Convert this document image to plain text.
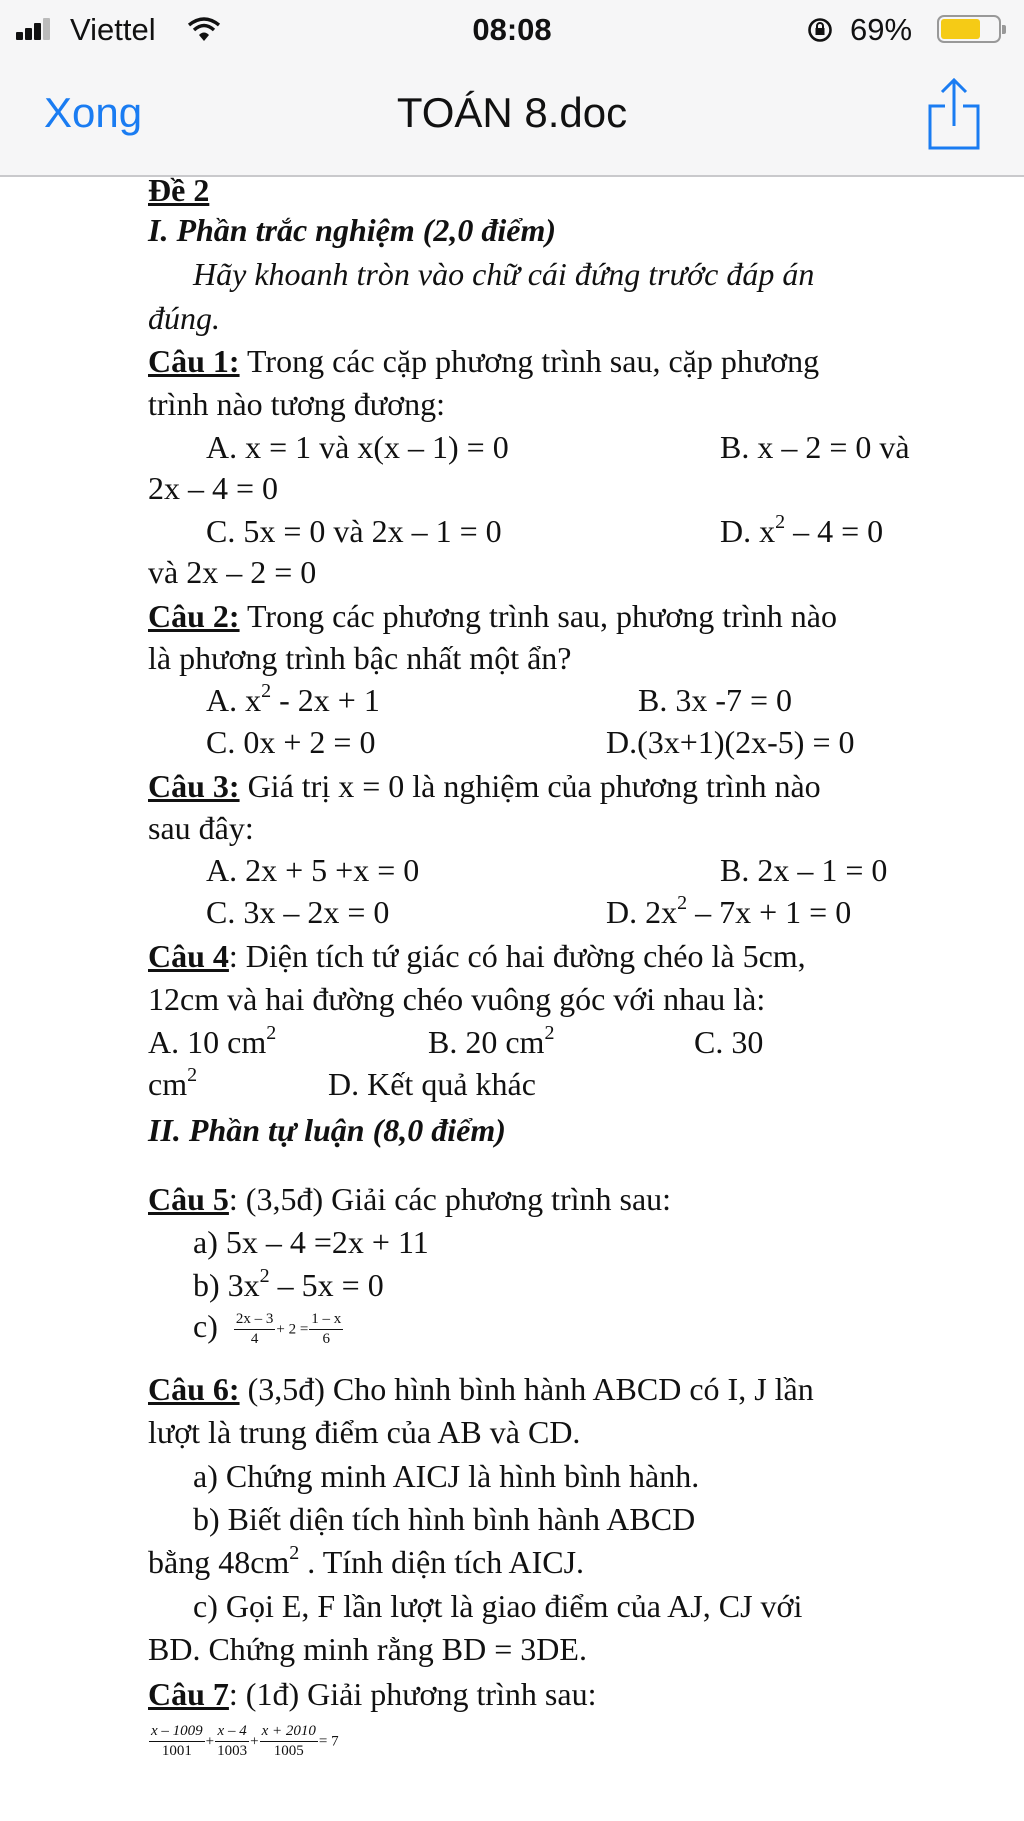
Viettel	08:08	69%
Xong	TOÁN 8.doc
Đề 2
I. Phần trắc nghiệm (2,0 điểm)
Hãy khoanh tròn vào chữ cái đứng trước đáp án
đúng.
Câu 1: Trong các cặp phương trình sau, cặp phương
trình nào tương đương:
A. x = 1 và x(x – 1) = 0	B. x – 2 = 0 và
2x – 4 = 0
C. 5x = 0 và 2x – 1 = 0	D. $x^2 - 4 = 0$
và 2x – 2 = 0
Câu 2: Trong các phương trình sau, phương trình nào
là phương trình bậc nhất một ẩn?
A. $x^2 - 2x + 1$	B. 3x -7 = 0
C. 0x + 2 = 0	D.(3x+1)(2x-5) = 0
Câu 3: Giá trị x = 0 là nghiệm của phương trình nào
sau đây:
A. 2x + 5 +x = 0	B. 2x – 1 = 0
C. 3x – 2x = 0	D. $2x^2 - 7x + 1 = 0$
Câu 4: Diện tích tứ giác có hai đường chéo là 5cm,
12cm và hai đường chéo vuông góc với nhau là:
A. 10 $cm^2$	B. 20 $cm^2$	C. 30
$cm^2$	D. Kết quả khác
II. Phần tự luận (8,0 điểm)
Câu 5: (3,5đ) Giải các phương trình sau:
a) 5x – 4 =2x + 11
b) $3x^2 - 5x = 0$
$c) \frac{2x - 3}{4} + 2 = \frac{1 - x}{6}$
Câu 6: (3,5đ) Cho hình bình hành ABCD có I, J lần
lượt là trung điểm của AB và CD.
a) Chứng minh AICJ là hình bình hành.
b) Biết diện tích hình bình hành ABCD
bằng $48cm^2$ . Tính diện tích AICJ.
c) Gọi E, F lần lượt là giao điểm của AJ, CJ với
BD. Chứng minh rằng BD = 3DE.
Câu 7: (1đ) Giải phương trình sau:
$\frac{x - 1009}{1001} + \frac{x - 4}{1003} + \frac{x + 2010}{1005} = 7$
